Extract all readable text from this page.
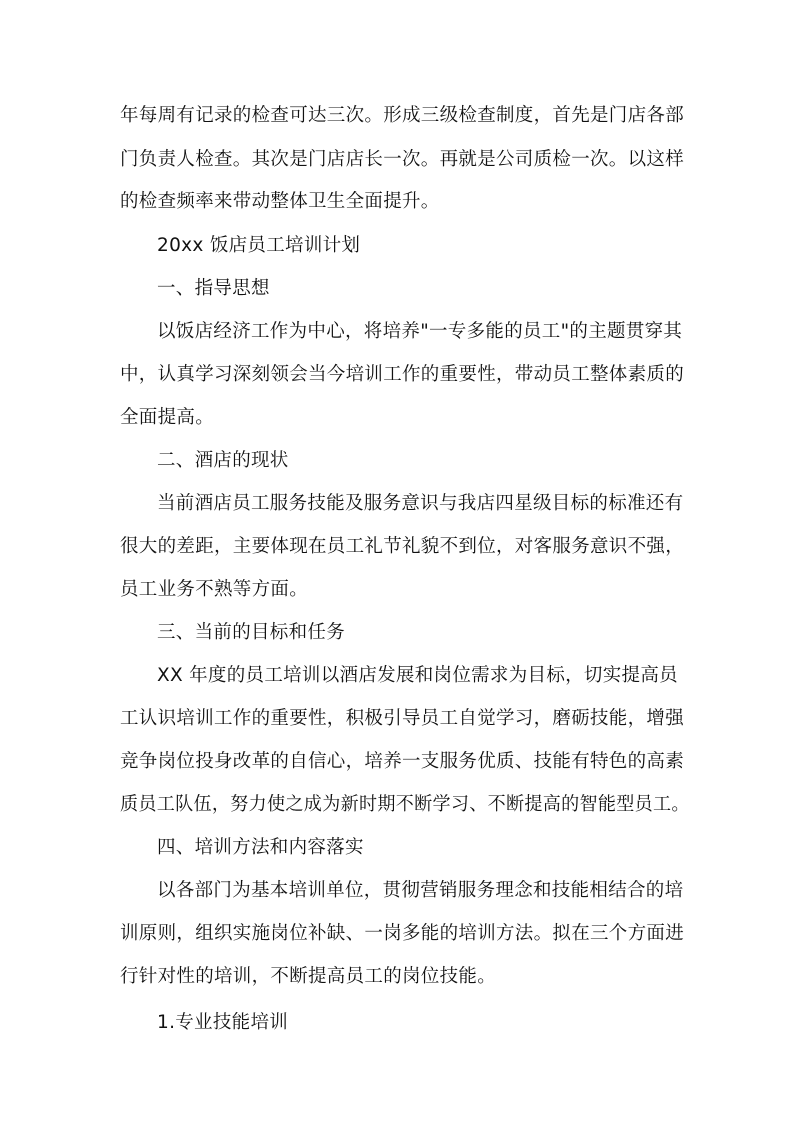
年每周有记录的检查可达三次。形成三级检查制度，首先是门店各部
门负责人检查。其次是门店店长一次。再就是公司质检一次。以这样
的检查频率来带动整体卫生全面提升。
20xx 饭店员工培训计划
一、指导思想
以饭店经济工作为中心，将培养"一专多能的员工"的主题贯穿其
中，认真学习深刻领会当今培训工作的重要性，带动员工整体素质的
全面提高。
二、酒店的现状
当前酒店员工服务技能及服务意识与我店四星级目标的标准还有
很大的差距，主要体现在员工礼节礼貌不到位，对客服务意识不强，
员工业务不熟等方面。
三、当前的目标和任务
XX 年度的员工培训以酒店发展和岗位需求为目标，切实提高员
工认识培训工作的重要性，积极引导员工自觉学习，磨砺技能，增强
竞争岗位投身改革的自信心，培养一支服务优质、技能有特色的高素
质员工队伍，努力使之成为新时期不断学习、不断提高的智能型员工。
四、培训方法和内容落实
以各部门为基本培训单位，贯彻营销服务理念和技能相结合的培
训原则，组织实施岗位补缺、一岗多能的培训方法。拟在三个方面进
行针对性的培训，不断提高员工的岗位技能。
1.专业技能培训
